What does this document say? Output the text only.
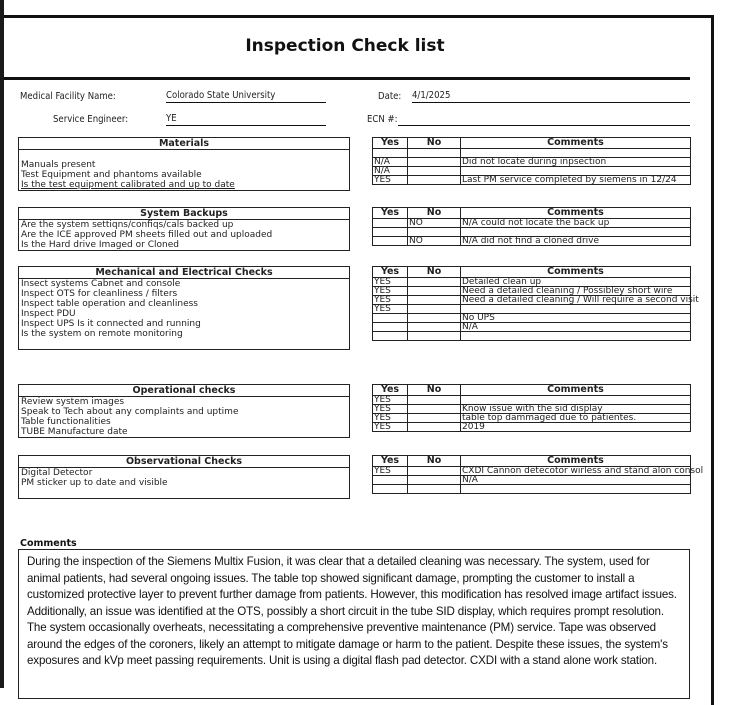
Inspection Check list
Medical Facility Name:	Colorado State University	Date: 4/1/2025
Service Engineer:	YE	ECN #:
Materials
Manuals present
Test Equipment and phantoms available
Is the test equipment calibrated and up to date
Yes	No	Comments

N/A		Did not locate during inpsection
N/A		
YES		Last PM service completed by siemens in 12/24
System Backups
Are the system settiqns/confiqs/cals backed up
Are the ICE approved PM sheets filled out and uploaded
Is the Hard drive Imaged or Cloned
Yes	No	Comments
	NO	N/A could not locate the back up

	NO	N/A did not find a cloned drive
Mechanical and Electrical Checks
Insect systems Cabnet and console
Inspect OTS for cleanliness / filters
Inspect table operation and cleanliness
Inspect PDU
Inspect UPS Is it connected and running
Is the system on remote monitoring
Yes	No	Comments
YES		Detailed clean up
YES		Need a detailed cleaning / Possibley short wire
YES		Need a detailed cleaning / Will require a second visit
YES		
		No UPS
		N/A

Operational checks
Review system images
Speak to Tech about any complaints and uptime
Table functionalities
TUBE Manufacture date
Yes	No	Comments
YES		
YES		Know issue with the sid display
YES		table top dammaged due to patientes.
YES		2019
Observational Checks
Digital Detector
PM sticker up to date and visible
Yes	No	Comments
YES		CXDI Cannon detecotor wirless and stand alon consol
		N/A

Comments
During the inspection of the Siemens Multix Fusion, it was clear that a detailed cleaning was necessary. The system, used for animal patients, had several ongoing issues. The table top showed significant damage, prompting the customer to install a customized protective layer to prevent further damage from patients. However, this modification has resolved image artifact issues. Additionally, an issue was identified at the OTS, possibly a short circuit in the tube SID display, which requires prompt resolution. The system occasionally overheats, necessitating a comprehensive preventive maintenance (PM) service. Tape was observed around the edges of the coroners, likely an attempt to mitigate damage or harm to the patient. Despite these issues, the system's exposures and kVp meet passing requirements. Unit is using a digital flash pad detector. CXDI with a stand alone work station.
